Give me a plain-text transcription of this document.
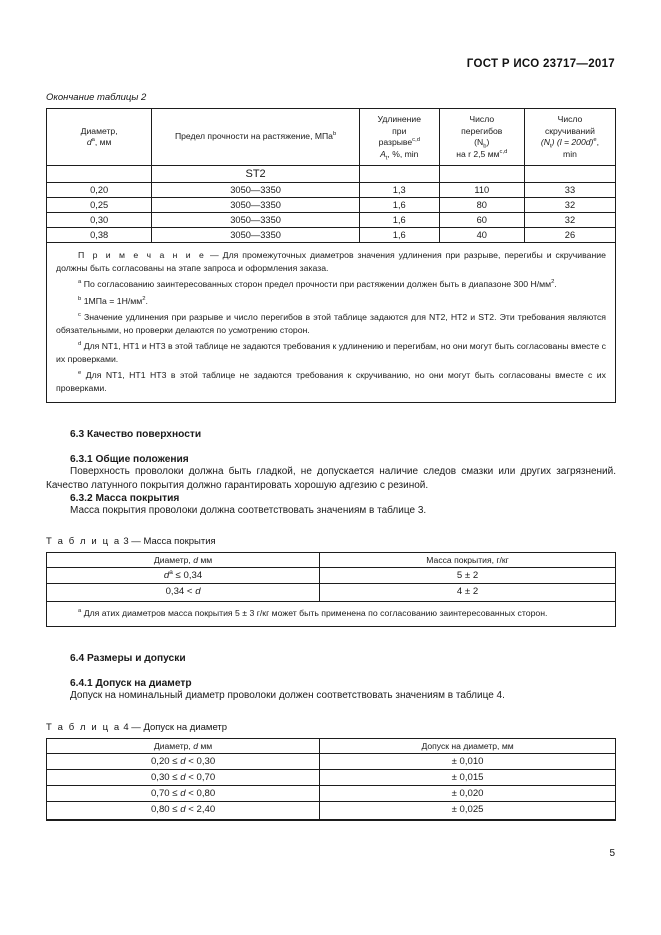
ГОСТ Р ИСО 23717—2017
Окончание таблицы 2
Диаметр,
$d^a$, мм	Предел прочности на растяжение, МПа$^b$	Удлинение
при
разрыве$^{c,d}$
$A_t$, %, min	Число
перегибов
$(N_b)$
на r 2,5 мм$^{c,d}$	Число
скручиваний
$(N_t) (l = 200d)^e$,
min
	ST2			
0,20	3050—3350	1,3	110	33
0,25	3050—3350	1,6	80	32
0,30	3050—3350	1,6	60	32
0,38	3050—3350	1,6	40	26

П р и м е ч а н и е — Для промежуточных диаметров значения удлинения при разрыве, перегибы и скручивание должны быть согласованы на этапе запроса и оформления заказа.

$^a$ По согласованию заинтересованных сторон предел прочности при растяжении должен быть в диапазоне 300 $Н/мм^2$.

$^b$ $1МПа = 1Н/мм^2$.

$^c$ Значение удлинения при разрыве и число перегибов в этой таблице задаются для NT2, HT2 и ST2. Эти требования являются обязательными, но проверки делаются по усмотрению сторон.

$^d$ Для NT1, HT1 и HT3 в этой таблице не задаются требования к удлинению и перегибам, но они могут быть согласованы вместе с их проверками.

$^e$ Для NT1, HT1 HT3 в этой таблице не задаются требования к скручиванию, но они могут быть согласованы вместе с их проверками.

6.3 Качество поверхности
6.3.1 Общие положения

Поверхность проволоки должна быть гладкой, не допускается наличие следов смазки или других загрязнений. Качество латунного покрытия должно гарантировать хорошую адгезию с резиной.

6.3.2 Масса покрытия

Масса покрытия проволоки должна соответствовать значениям в таблице 3.

Т а б л и ц а 3 — Масса покрытия
Диаметр, d мм	Масса покрытия, г/кг
$d^a \le 0,34$	5 ± 2
0,34 < d	4 ± 2

$^a$ Для атих диаметров масса покрытия 5 ± 3 г/кг может быть применена по согласованию заинтересованных сторон.

6.4 Размеры и допуски
6.4.1 Допуск на диаметр

Допуск на номинальный диаметр проволоки должен соответствовать значениям в таблице 4.

Т а б л и ц а 4 — Допуск на диаметр
Диаметр, d мм	Допуск на диаметр, мм
0,20 ≤ d < 0,30	± 0,010
0,30 ≤ d < 0,70	± 0,015
0,70 ≤ d < 0,80	± 0,020
0,80 ≤ d < 2,40	± 0,025

5
